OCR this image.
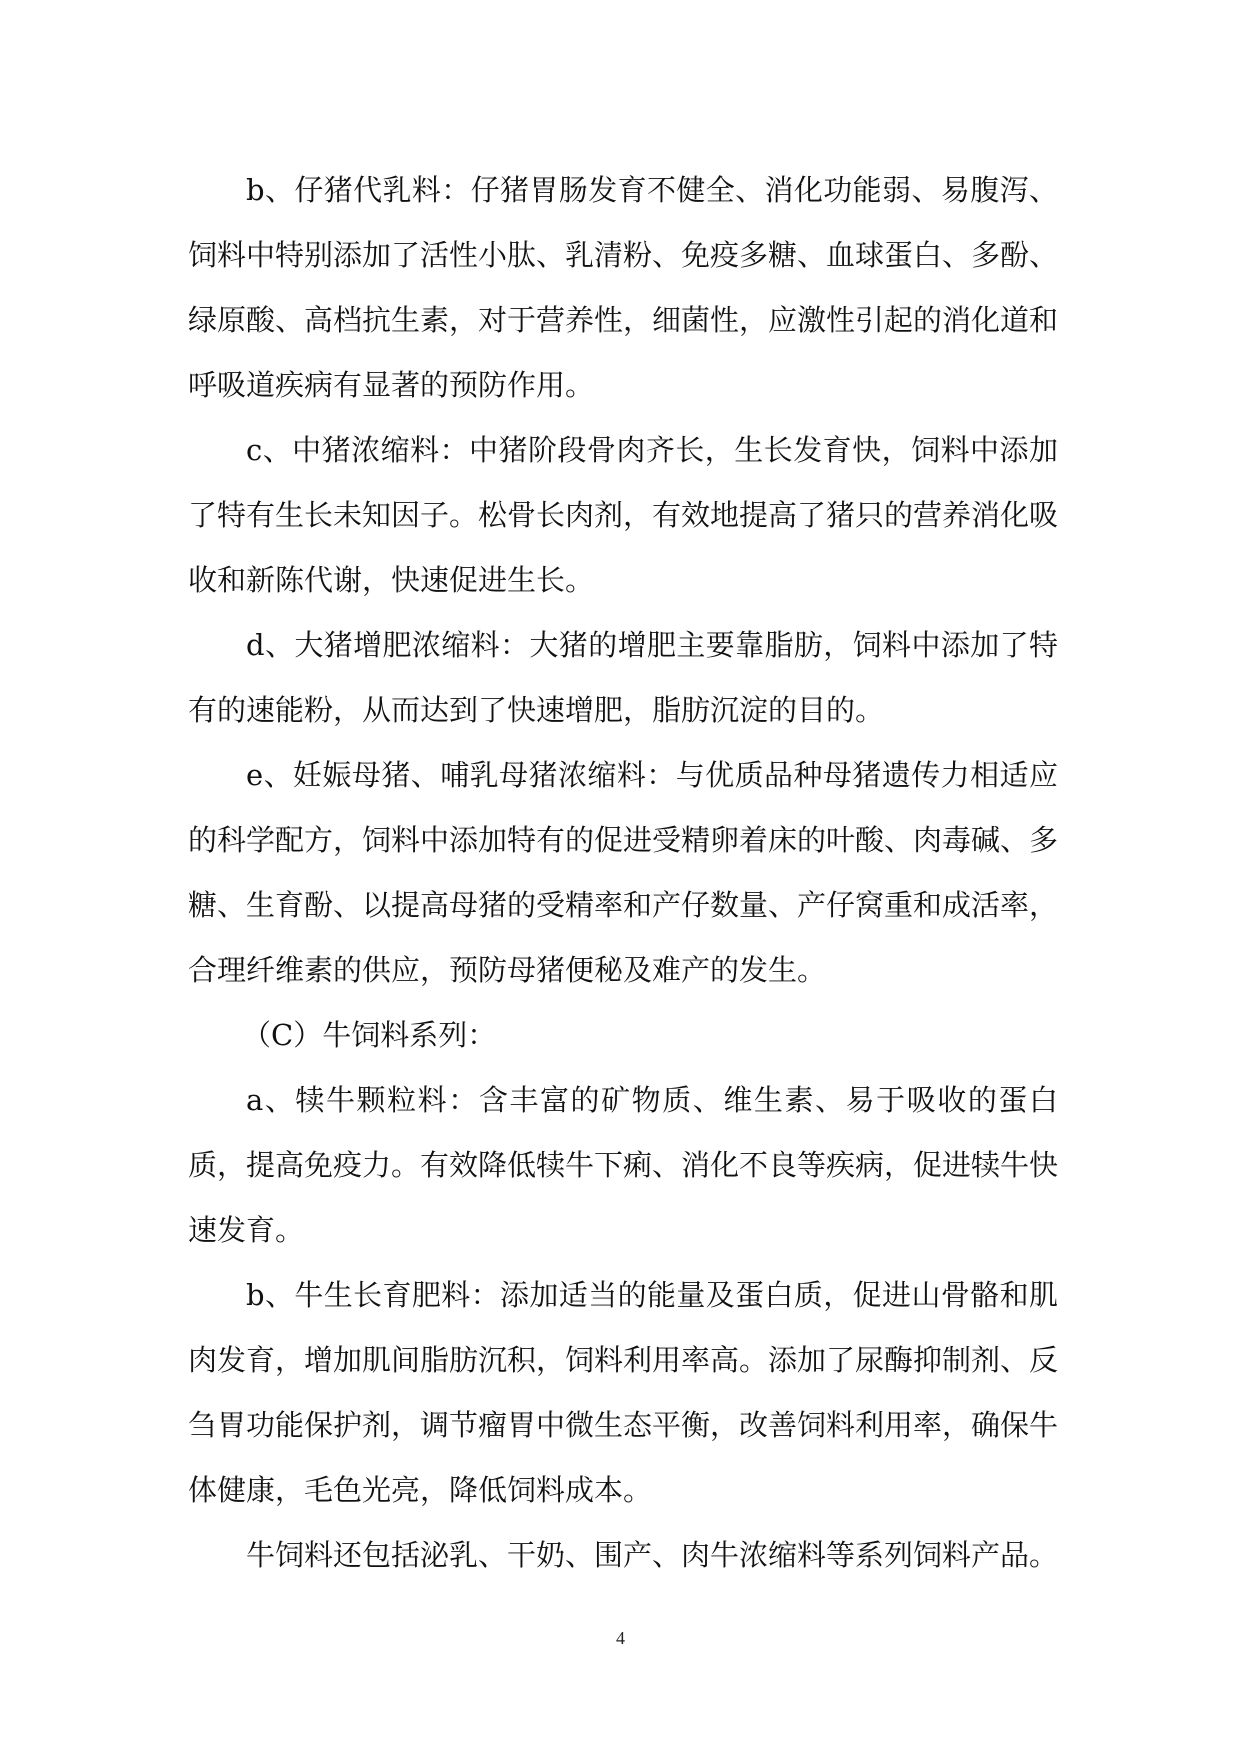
b、仔猪代乳料：仔猪胃肠发育不健全、消化功能弱、易腹泻、饲料中特别添加了活性小肽、乳清粉、免疫多糖、血球蛋白、多酚、绿原酸、高档抗生素，对于营养性，细菌性，应激性引起的消化道和呼吸道疾病有显著的预防作用。

c、中猪浓缩料：中猪阶段骨肉齐长，生长发育快，饲料中添加了特有生长未知因子。松骨长肉剂，有效地提高了猪只的营养消化吸收和新陈代谢，快速促进生长。

d、大猪增肥浓缩料：大猪的增肥主要靠脂肪，饲料中添加了特有的速能粉，从而达到了快速增肥，脂肪沉淀的目的。

e、妊娠母猪、哺乳母猪浓缩料：与优质品种母猪遗传力相适应的科学配方，饲料中添加特有的促进受精卵着床的叶酸、肉毒碱、多糖、生育酚、以提高母猪的受精率和产仔数量、产仔窝重和成活率，合理纤维素的供应，预防母猪便秘及难产的发生。

（C）牛饲料系列：

a、犊牛颗粒料：含丰富的矿物质、维生素、易于吸收的蛋白质，提高免疫力。有效降低犊牛下痢、消化不良等疾病，促进犊牛快速发育。

b、牛生长育肥料：添加适当的能量及蛋白质，促进山骨骼和肌肉发育，增加肌间脂肪沉积，饲料利用率高。添加了尿酶抑制剂、反刍胃功能保护剂，调节瘤胃中微生态平衡，改善饲料利用率，确保牛体健康，毛色光亮，降低饲料成本。

牛饲料还包括泌乳、干奶、围产、肉牛浓缩料等系列饲料产品。

4
